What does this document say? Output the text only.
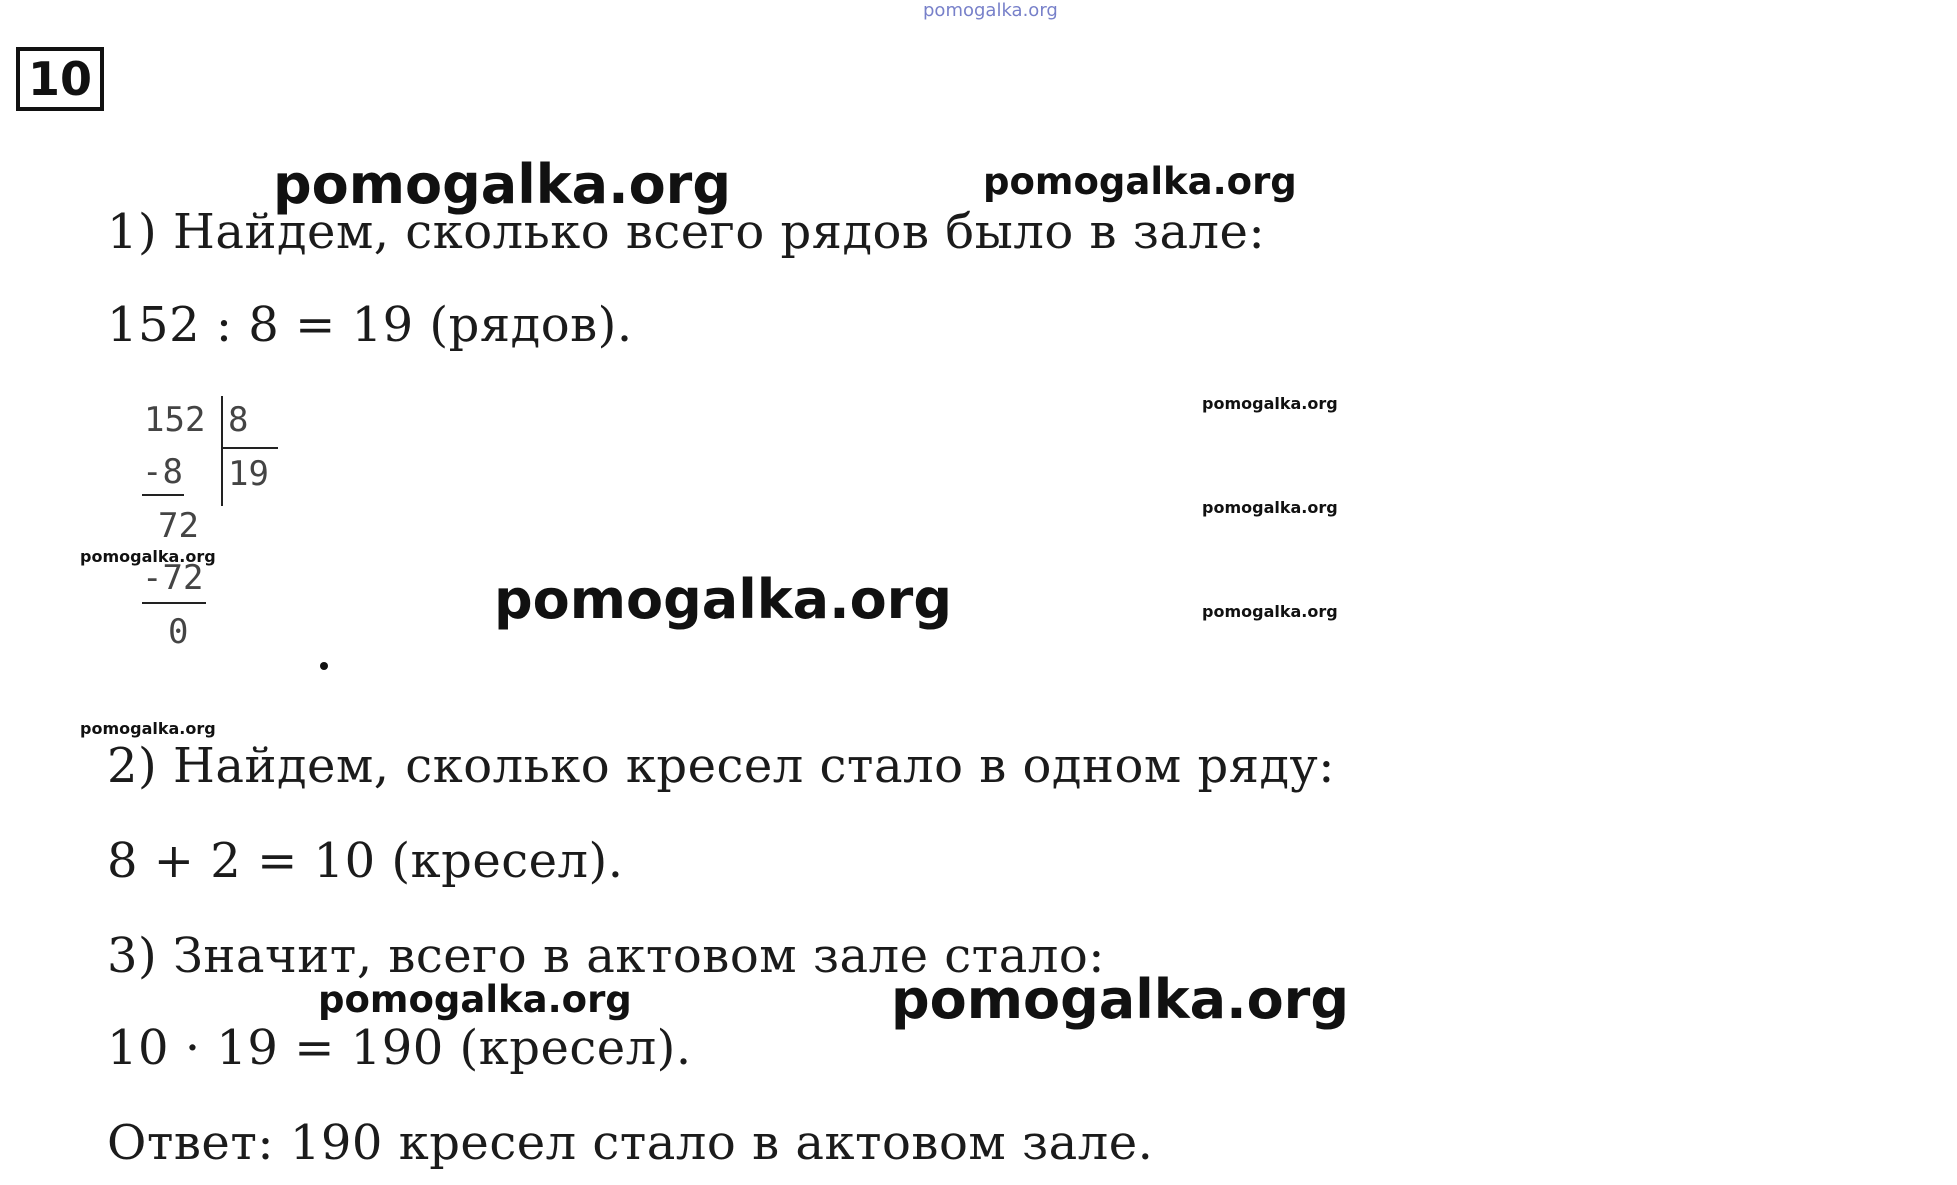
pomogalka.org
10
pomogalka.org	pomogalka.org
pomogalka.org
pomogalka.org
pomogalka.org
pomogalka.org	pomogalka.org
pomogalka.org
pomogalka.org	pomogalka.org
1) Найдем, сколько всего рядов было в зале:
152 : 8 = 19 (рядов).
152 8
-8 19
72
-72
0
2) Найдем, сколько кресел стало в одном ряду:
8 + 2 = 10 (кресел).
3) Значит, всего в актовом зале стало:
10 · 19 = 190 (кресел).
Ответ: 190 кресел стало в актовом зале.
